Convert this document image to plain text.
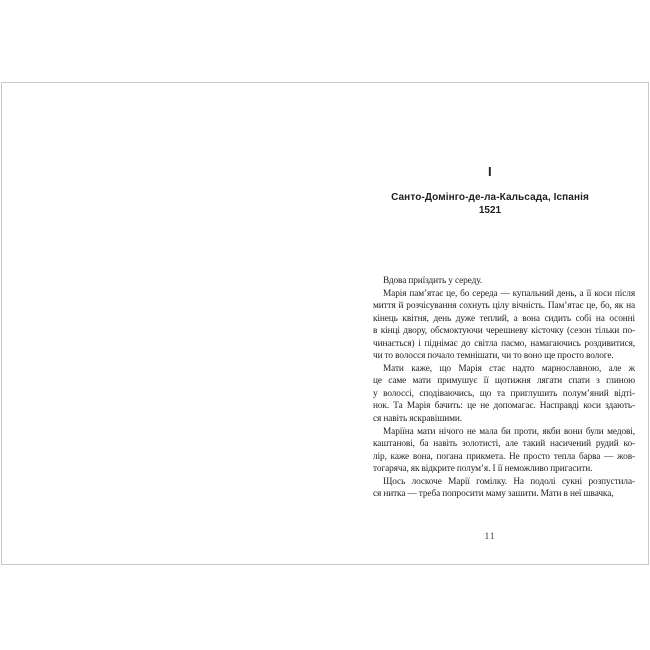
І
Санто-Домінго-де-ла-Кальсада, Іспанія
1521
Вдова приїздить у середу.
Марія пам’ятає це, бо середа — купальний день, а її коси після
миття й розчісування сохнуть цілу вічність. Пам’ятає це, бо, як на
кінець квітня, день дуже теплий, а вона сидить собі на осонні
в кінці двору, обсмоктуючи черешневу кісточку (сезон тільки по-
чинається) і піднімає до світла пасмо, намагаючись роздивитися,
чи то волосся почало темнішати, чи то воно ще просто вологе.
Мати каже, що Марія стає надто марнославною, але ж
це саме мати примушує її щотижня лягати спати з глиною
у волоссі, сподіваючись, що та приглушить полум’яний відті-
нок. Та Марія бачить: це не допомагає. Насправді коси здають-
ся навіть яскравішими.
Маріїна мати нічого не мала би проти, якби вони були медові,
каштанові, ба навіть золотисті, але такий насичений рудий ко-
лір, каже вона, погана прикмета. Не просто тепла барва — жов-
тогаряча, як відкрите полум’я. І її неможливо пригасити.
Щось лоскоче Марії гомілку. На подолі сукні розпустила-
ся нитка — треба попросити маму зашити. Мати в неї швачка,
11
